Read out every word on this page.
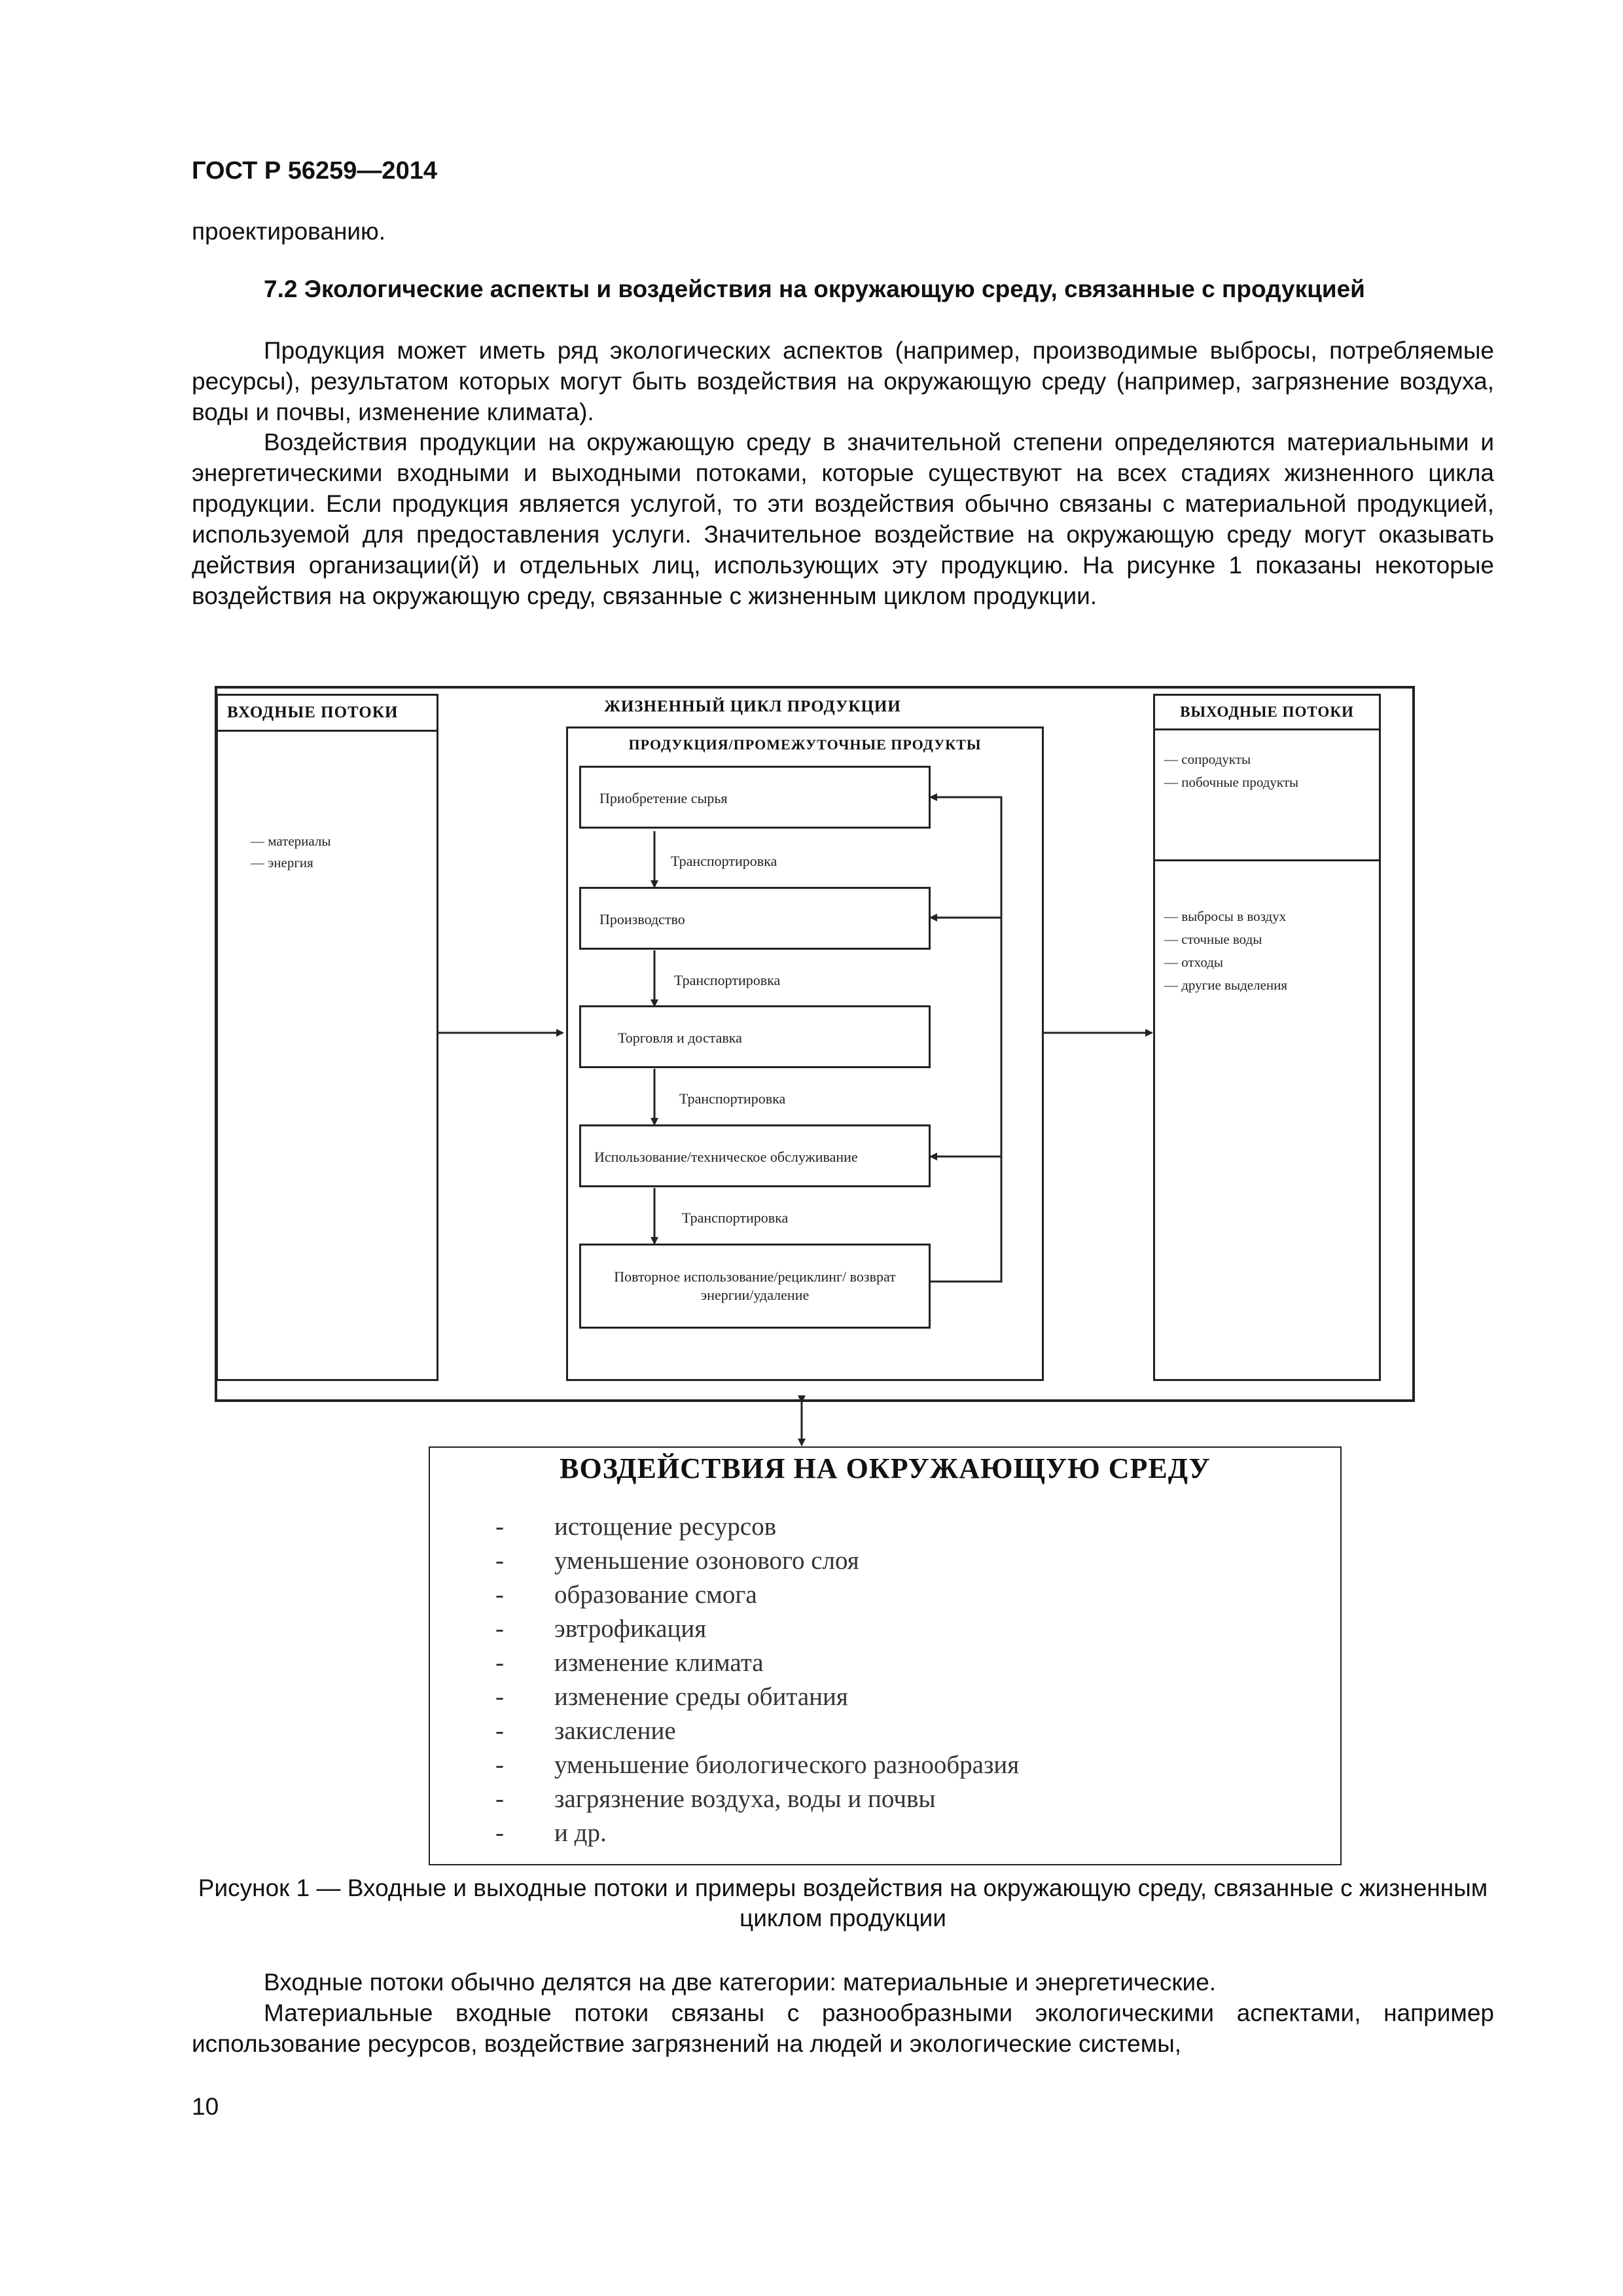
ГОСТ Р 56259—2014
проектированию.
7.2 Экологические аспекты и воздействия на окружающую среду, связанные с продукцией
Продукция может иметь ряд экологических аспектов (например, производимые выбросы, потребляемые ресурсы), результатом которых могут быть воздействия на окружающую среду (например, загрязнение воздуха, воды и почвы, изменение климата).
Воздействия продукции на окружающую среду в значительной степени определяются материальными и энергетическими входными и выходными потоками, которые существуют на всех стадиях жизненного цикла продукции. Если продукция является услугой, то эти воздействия обычно связаны с материальной продукцией, используемой для предоставления услуги. Значительное воздействие на окружающую среду могут оказывать действия организации(й) и отдельных лиц, использующих эту продукцию. На рисунке 1 показаны некоторые воздействия на окружающую среду, связанные с жизненным циклом продукции.
ВХОДНЫЕ ПОТОКИ
— материалы
— энергия
ЖИЗНЕННЫЙ ЦИКЛ ПРОДУКЦИИ
ПРОДУКЦИЯ/ПРОМЕЖУТОЧНЫЕ ПРОДУКТЫ
Приобретение сырья
Производство
Торговля и доставка
Использование/техническое обслуживание
Повторное использование/рециклинг/ возврат энергии/удаление
Транспортировка
Транспортировка
Транспортировка
Транспортировка
ВЫХОДНЫЕ ПОТОКИ
— сопродукты
— побочные продукты
— выбросы в воздух
— сточные воды
— отходы
— другие выделения
ВОЗДЕЙСТВИЯ НА ОКРУЖАЮЩУЮ СРЕДУ
-	истощение ресурсов
-	уменьшение озонового слоя
-	образование смога
-	эвтрофикация
-	изменение климата
-	изменение среды обитания
-	закисление
-	уменьшение биологического разнообразия
-	загрязнение воздуха, воды и почвы
-	и др.
Рисунок 1 — Входные и выходные потоки и примеры воздействия на окружающую среду, связанные с жизненным циклом продукции
Входные потоки обычно делятся на две категории: материальные и энергетические.
Материальные входные потоки связаны с разнообразными экологическими аспектами, например использование ресурсов, воздействие загрязнений на людей и экологические системы,
10
